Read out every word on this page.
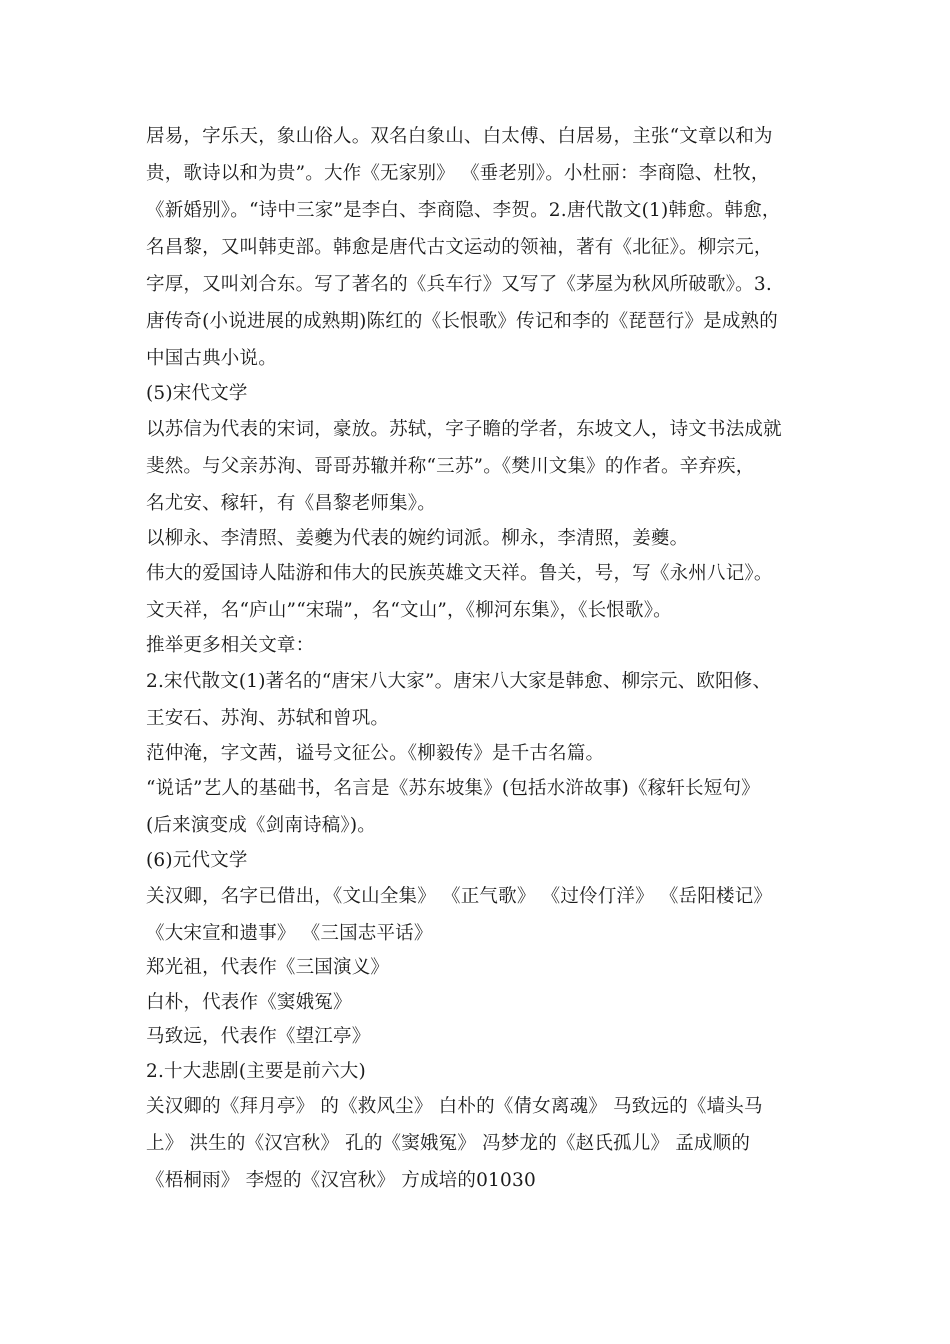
居易，字乐天，象山俗人。双名白象山、白太傅、白居易，主张“文章以和为
贵，歌诗以和为贵”。大作《无家别》 《垂老别》。小杜丽：李商隐、杜牧，
《新婚别》。“诗中三家”是李白、李商隐、李贺。2.唐代散文(1)韩愈。韩愈，
名昌黎，又叫韩吏部。韩愈是唐代古文运动的领袖，著有《北征》。柳宗元，
字厚，又叫刘合东。写了著名的《兵车行》又写了《茅屋为秋风所破歌》。3.
唐传奇(小说进展的成熟期)陈红的《长恨歌》传记和李的《琵琶行》是成熟的
中国古典小说。
(5)宋代文学
以苏信为代表的宋词，豪放。苏轼，字子瞻的学者，东坡文人，诗文书法成就
斐然。与父亲苏洵、哥哥苏辙并称“三苏”。《樊川文集》的作者。辛弃疾，
名尤安、稼轩，有《昌黎老师集》。
以柳永、李清照、姜夔为代表的婉约词派。柳永，李清照，姜夔。
伟大的爱国诗人陆游和伟大的民族英雄文天祥。鲁关，号，写《永州八记》。
文天祥，名“庐山”“宋瑞”，名“文山”，《柳河东集》，《长恨歌》。
推举更多相关文章：
2.宋代散文(1)著名的“唐宋八大家”。唐宋八大家是韩愈、柳宗元、欧阳修、
王安石、苏洵、苏轼和曾巩。
范仲淹，字文茜，谥号文征公。《柳毅传》是千古名篇。
“说话”艺人的基础书，名言是《苏东坡集》(包括水浒故事)《稼轩长短句》
(后来演变成《剑南诗稿》)。
(6)元代文学
关汉卿，名字已借出，《文山全集》 《正气歌》 《过伶仃洋》 《岳阳楼记》
《大宋宣和遗事》 《三国志平话》
郑光祖，代表作《三国演义》
白朴，代表作《窦娥冤》
马致远，代表作《望江亭》
2.十大悲剧(主要是前六大)
关汉卿的《拜月亭》 的《救风尘》 白朴的《倩女离魂》 马致远的《墙头马
上》 洪生的《汉宫秋》 孔的《窦娥冤》 冯梦龙的《赵氏孤儿》 孟成顺的
《梧桐雨》 李煜的《汉宫秋》 方成培的01030
